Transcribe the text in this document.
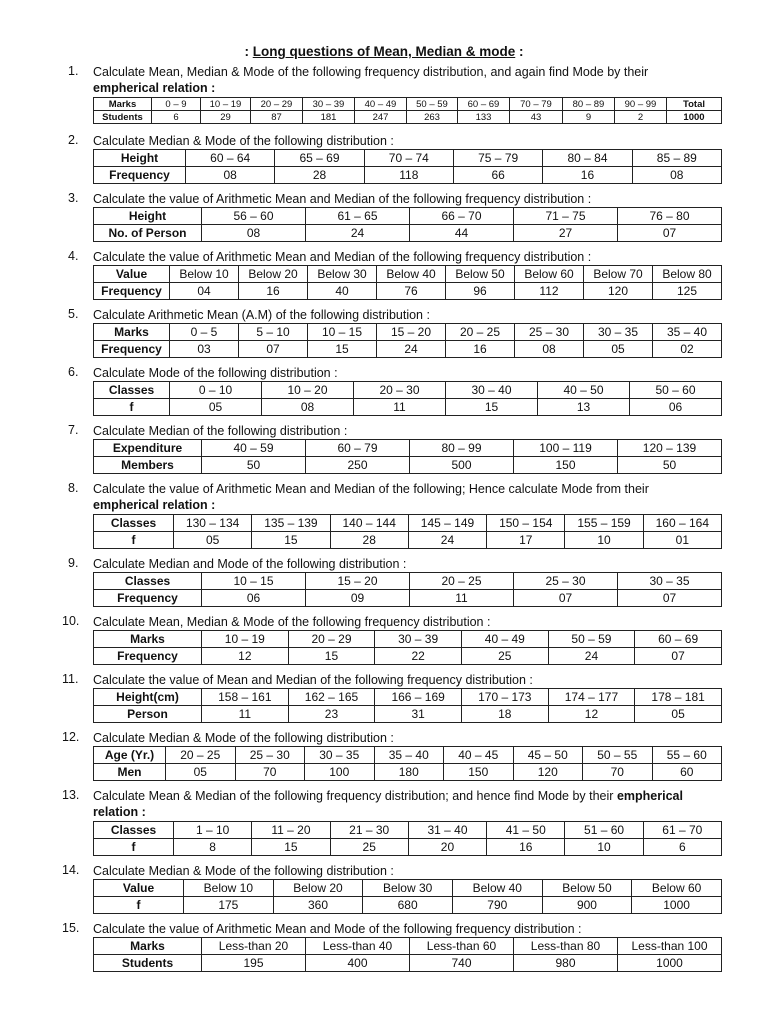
: Long questions of Mean, Median & mode :
1. Calculate Mean, Median & Mode of the following frequency distribution, and again find Mode by their
empherical relation :
Marks	0 – 9	10 – 19	20 – 29	30 – 39	40 – 49	50 – 59	60 – 69	70 – 79	80 – 89	90 – 99	Total
Students	6	29	87	181	247	263	133	43	9	2	1000
2. Calculate Median & Mode of the following distribution :
Height	60 – 64	65 – 69	70 – 74	75 – 79	80 – 84	85 – 89
Frequency	08	28	118	66	16	08
3. Calculate the value of Arithmetic Mean and Median of the following frequency distribution :
Height	56 – 60	61 – 65	66 – 70	71 – 75	76 – 80
No. of Person	08	24	44	27	07
4. Calculate the value of Arithmetic Mean and Median of the following frequency distribution :
Value	Below 10	Below 20	Below 30	Below 40	Below 50	Below 60	Below 70	Below 80
Frequency	04	16	40	76	96	112	120	125
5. Calculate Arithmetic Mean (A.M) of the following distribution :
Marks	0 – 5	5 – 10	10 – 15	15 – 20	20 – 25	25 – 30	30 – 35	35 – 40
Frequency	03	07	15	24	16	08	05	02
6. Calculate Mode of the following distribution :
Classes	0 – 10	10 – 20	20 – 30	30 – 40	40 – 50	50 – 60
f	05	08	11	15	13	06
7. Calculate Median of the following distribution :
Expenditure	40 – 59	60 – 79	80 – 99	100 – 119	120 – 139
Members	50	250	500	150	50
8. Calculate the value of Arithmetic Mean and Median of the following; Hence calculate Mode from their
empherical relation :
Classes	130 – 134	135 – 139	140 – 144	145 – 149	150 – 154	155 – 159	160 – 164
f	05	15	28	24	17	10	01
9. Calculate Median and Mode of the following distribution :
Classes	10 – 15	15 – 20	20 – 25	25 – 30	30 – 35
Frequency	06	09	11	07	07
10. Calculate Mean, Median & Mode of the following frequency distribution :
Marks	10 – 19	20 – 29	30 – 39	40 – 49	50 – 59	60 – 69
Frequency	12	15	22	25	24	07
11. Calculate the value of Mean and Median of the following frequency distribution :
Height(cm)	158 – 161	162 – 165	166 – 169	170 – 173	174 – 177	178 – 181
Person	11	23	31	18	12	05
12. Calculate Median & Mode of the following distribution :
Age (Yr.)	20 – 25	25 – 30	30 – 35	35 – 40	40 – 45	45 – 50	50 – 55	55 – 60
Men	05	70	100	180	150	120	70	60
13. Calculate Mean & Median of the following frequency distribution; and hence find Mode by their empherical
relation :
Classes	1 – 10	11 – 20	21 – 30	31 – 40	41 – 50	51 – 60	61 – 70
f	8	15	25	20	16	10	6
14. Calculate Median & Mode of the following distribution :
Value	Below 10	Below 20	Below 30	Below 40	Below 50	Below 60
f	175	360	680	790	900	1000
15. Calculate the value of Arithmetic Mean and Mode of the following frequency distribution :
Marks	Less-than 20	Less-than 40	Less-than 60	Less-than 80	Less-than 100
Students	195	400	740	980	1000
